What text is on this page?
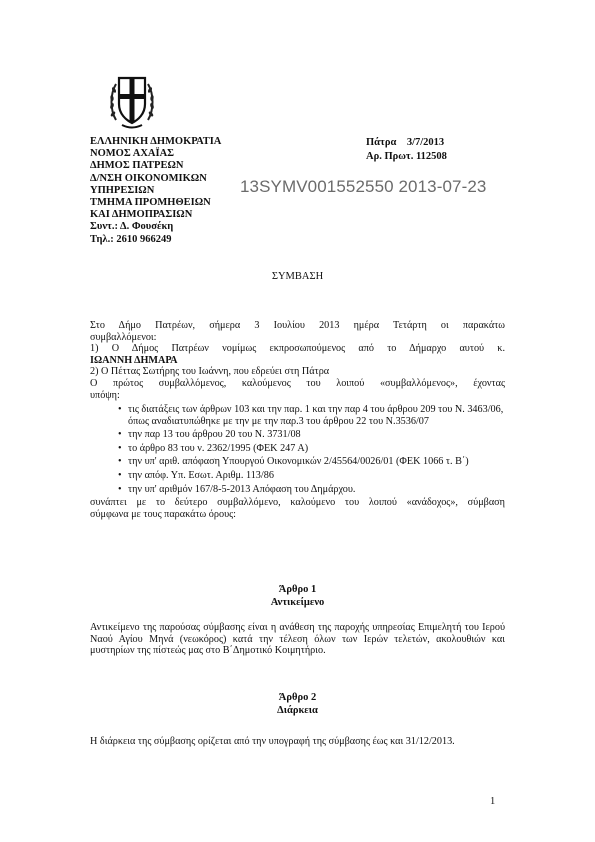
ΕΛΛΗΝΙΚΗ ΔΗΜΟΚΡΑΤΙΑ
ΝΟΜΟΣ ΑΧΑΪΑΣ
ΔΗΜΟΣ ΠΑΤΡΕΩΝ
Δ/ΝΣΗ ΟΙΚΟΝΟΜΙΚΩΝ
ΥΠΗΡΕΣΙΩΝ
ΤΜΗΜΑ ΠΡΟΜΗΘΕΙΩΝ
ΚΑΙ ΔΗΜΟΠΡΑΣΙΩΝ
Συντ.: Δ. Φουσέκη
Τηλ.: 2610 966249
Πάτρα    3/7/2013
Αρ. Πρωτ. 112508
13SYMV001552550 2013-07-23
ΣΥΜΒΑΣΗ

Στο Δήμο Πατρέων, σήμερα 3 Ιουλίου 2013 ημέρα Τετάρτη οι παρακάτω

συμβαλλόμενοι:

1) Ο Δήμος Πατρέων νομίμως εκπροσωπούμενος από το Δήμαρχο αυτού κ.

ΙΩΑΝΝΗ ΔΗΜΑΡΑ

2) Ο Πέττας Σωτήρης του Ιωάννη, που εδρεύει στη Πάτρα

Ο πρώτος συμβαλλόμενος, καλούμενος του λοιπού «συμβαλλόμενος», έχοντας

υπόψη:

• τις διατάξεις των άρθρων 103 και την παρ. 1 και την παρ 4 του άρθρου 209 του Ν. 3463/06, όπως αναδιατυπώθηκε με την με την παρ.3 του άρθρου 22 του Ν.3536/07
• την παρ 13 του άρθρου 20 του Ν. 3731/08
• το άρθρο 83 του ν. 2362/1995 (ΦΕΚ 247 Α)
• την υπ' αριθ. απόφαση Υπουργού Οικονομικών 2/45564/0026/01 (ΦΕΚ 1066 τ. Β΄)
• την απόφ. Υπ. Εσωτ. Αριθμ. 113/86
• την υπ' αριθμόν 167/8-5-2013 Απόφαση του Δημάρχου.

συνάπτει με το δεύτερο συμβαλλόμενο, καλούμενο του λοιπού «ανάδοχος», σύμβαση

σύμφωνα με τους παρακάτω όρους:

Άρθρο 1
Αντικείμενο
Αντικείμενο της παρούσας σύμβασης είναι η ανάθεση της παροχής υπηρεσίας Επιμελητή του Ιερού Ναού Αγίου Μηνά (νεωκόρος) κατά την τέλεση όλων των Ιερών τελετών, ακολουθιών και μυστηρίων της πίστεώς μας στο Β΄Δημοτικό Κοιμητήριο.
Άρθρο 2
Διάρκεια
Η διάρκεια της σύμβασης ορίζεται από την υπογραφή της σύμβασης έως και 31/12/2013.
1
